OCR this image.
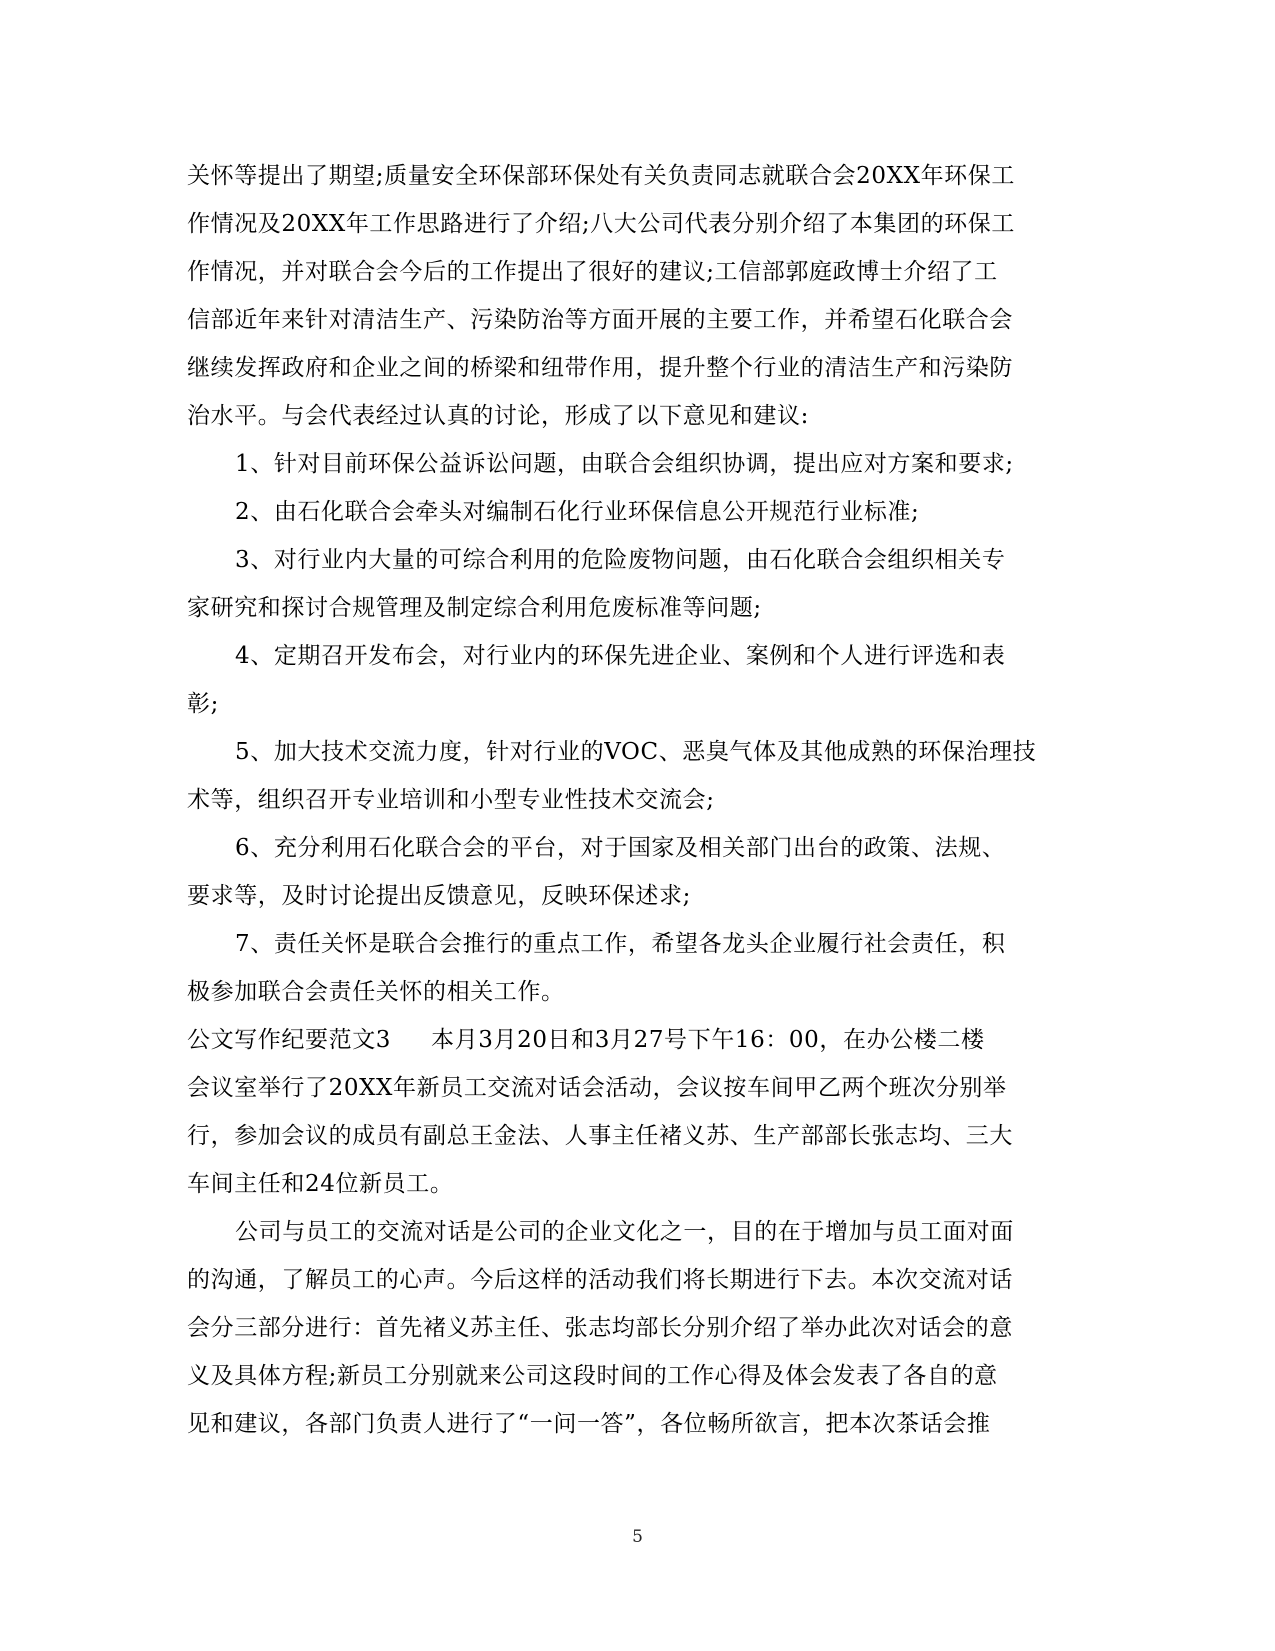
关怀等提出了期望;质量安全环保部环保处有关负责同志就联合会20XX年环保工
作情况及20XX年工作思路进行了介绍;八大公司代表分别介绍了本集团的环保工
作情况，并对联合会今后的工作提出了很好的建议;工信部郭庭政博士介绍了工
信部近年来针对清洁生产、污染防治等方面开展的主要工作，并希望石化联合会
继续发挥政府和企业之间的桥梁和纽带作用，提升整个行业的清洁生产和污染防
治水平。与会代表经过认真的讨论，形成了以下意见和建议:
1、针对目前环保公益诉讼问题，由联合会组织协调，提出应对方案和要求;
2、由石化联合会牵头对编制石化行业环保信息公开规范行业标准;
3、对行业内大量的可综合利用的危险废物问题，由石化联合会组织相关专
家研究和探讨合规管理及制定综合利用危废标准等问题;
4、定期召开发布会，对行业内的环保先进企业、案例和个人进行评选和表
彰;
5、加大技术交流力度，针对行业的VOC、恶臭气体及其他成熟的环保治理技
术等，组织召开专业培训和小型专业性技术交流会;
6、充分利用石化联合会的平台，对于国家及相关部门出台的政策、法规、
要求等，及时讨论提出反馈意见，反映环保述求;
7、责任关怀是联合会推行的重点工作，希望各龙头企业履行社会责任，积
极参加联合会责任关怀的相关工作。
公文写作纪要范文3 本月3月20日和3月27号下午16：00，在办公楼二楼
会议室举行了20XX年新员工交流对话会活动，会议按车间甲乙两个班次分别举
行，参加会议的成员有副总王金法、人事主任褚义苏、生产部部长张志均、三大
车间主任和24位新员工。
公司与员工的交流对话是公司的企业文化之一，目的在于增加与员工面对面
的沟通，了解员工的心声。今后这样的活动我们将长期进行下去。本次交流对话
会分三部分进行：首先褚义苏主任、张志均部长分别介绍了举办此次对话会的意
义及具体方程;新员工分别就来公司这段时间的工作心得及体会发表了各自的意
见和建议，各部门负责人进行了“一问一答”，各位畅所欲言，把本次茶话会推
5
